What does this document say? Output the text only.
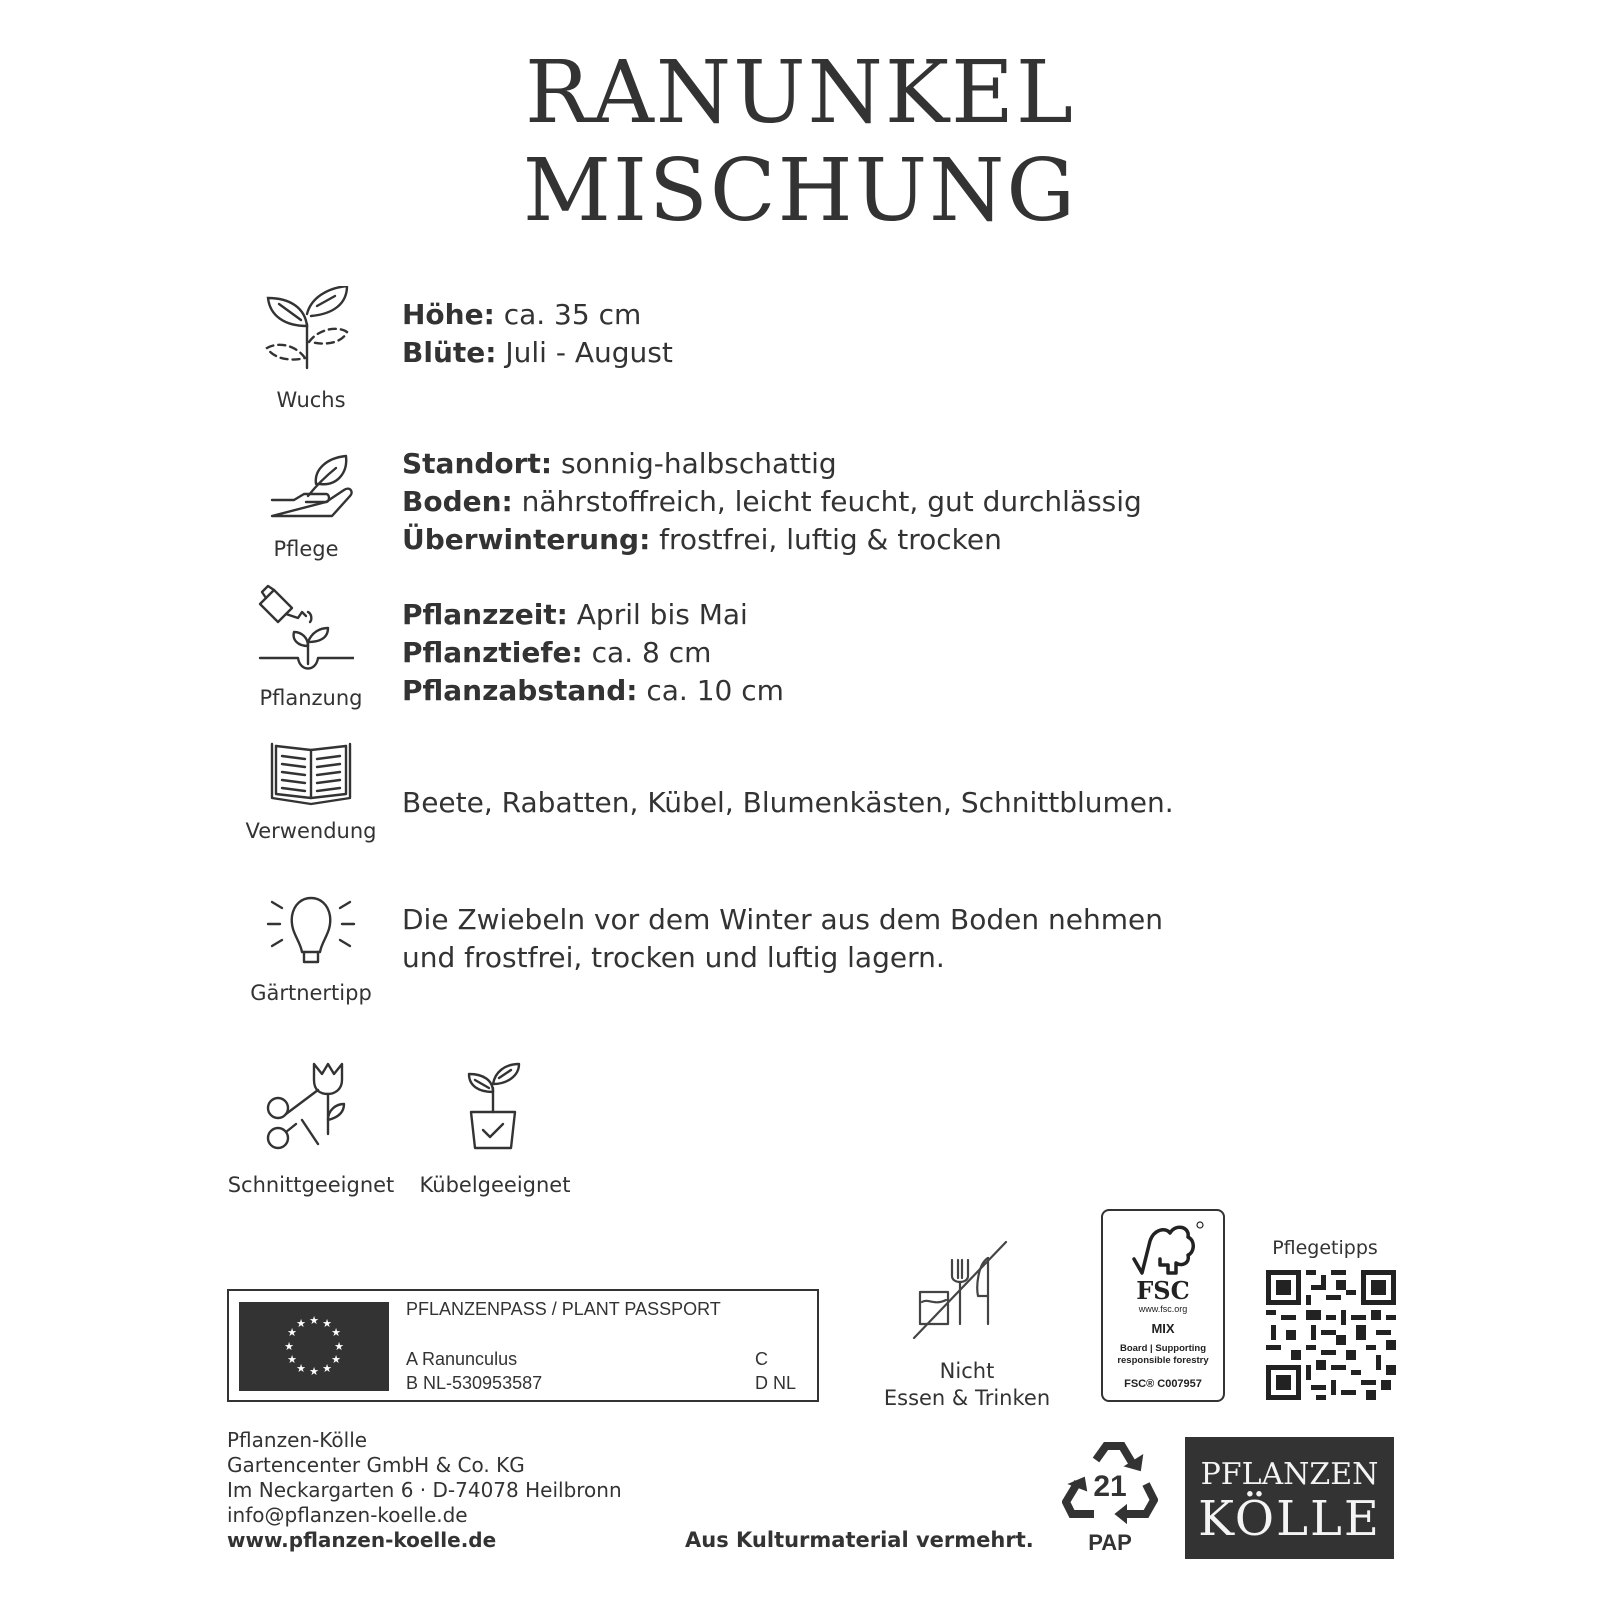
RANUNKEL
MISCHUNG
Wuchs
Höhe: ca. 35 cm
Blüte: Juli - August
Pflege
Standort: sonnig-halbschattig
Boden: nährstoffreich, leicht feucht, gut durchlässig
Überwinterung: frostfrei, luftig & trocken
Pflanzung
Pflanzzeit: April bis Mai
Pflanztiefe: ca. 8 cm
Pflanzabstand: ca. 10 cm
Verwendung
Beete, Rabatten, Kübel, Blumenkästen, Schnittblumen.
Gärtnertipp
Die Zwiebeln vor dem Winter aus dem Boden nehmen
und frostfrei, trocken und luftig lagern.
Schnittgeeignet	Kübelgeeignet
★ ★
★
★
★
★
★
★
★
★
★
★
PFLANZENPASS / PLANT PASSPORT
A Ranunculus
B NL-530953587
C
D NL	Nicht
Essen & Trinken
FSC
www.fsc.org
MIX
Board | Supporting
responsible forestry
FSC® C007957
Pflegetipps
Pflanzen-Kölle
Gartencenter GmbH & Co. KG
Im Neckargarten 6 · D-74078 Heilbronn
info@pflanzen-koelle.de
www.pflanzen-koelle.de	Aus Kulturmaterial vermehrt.
21
PAP
PFLANZEN
KÖLLE
